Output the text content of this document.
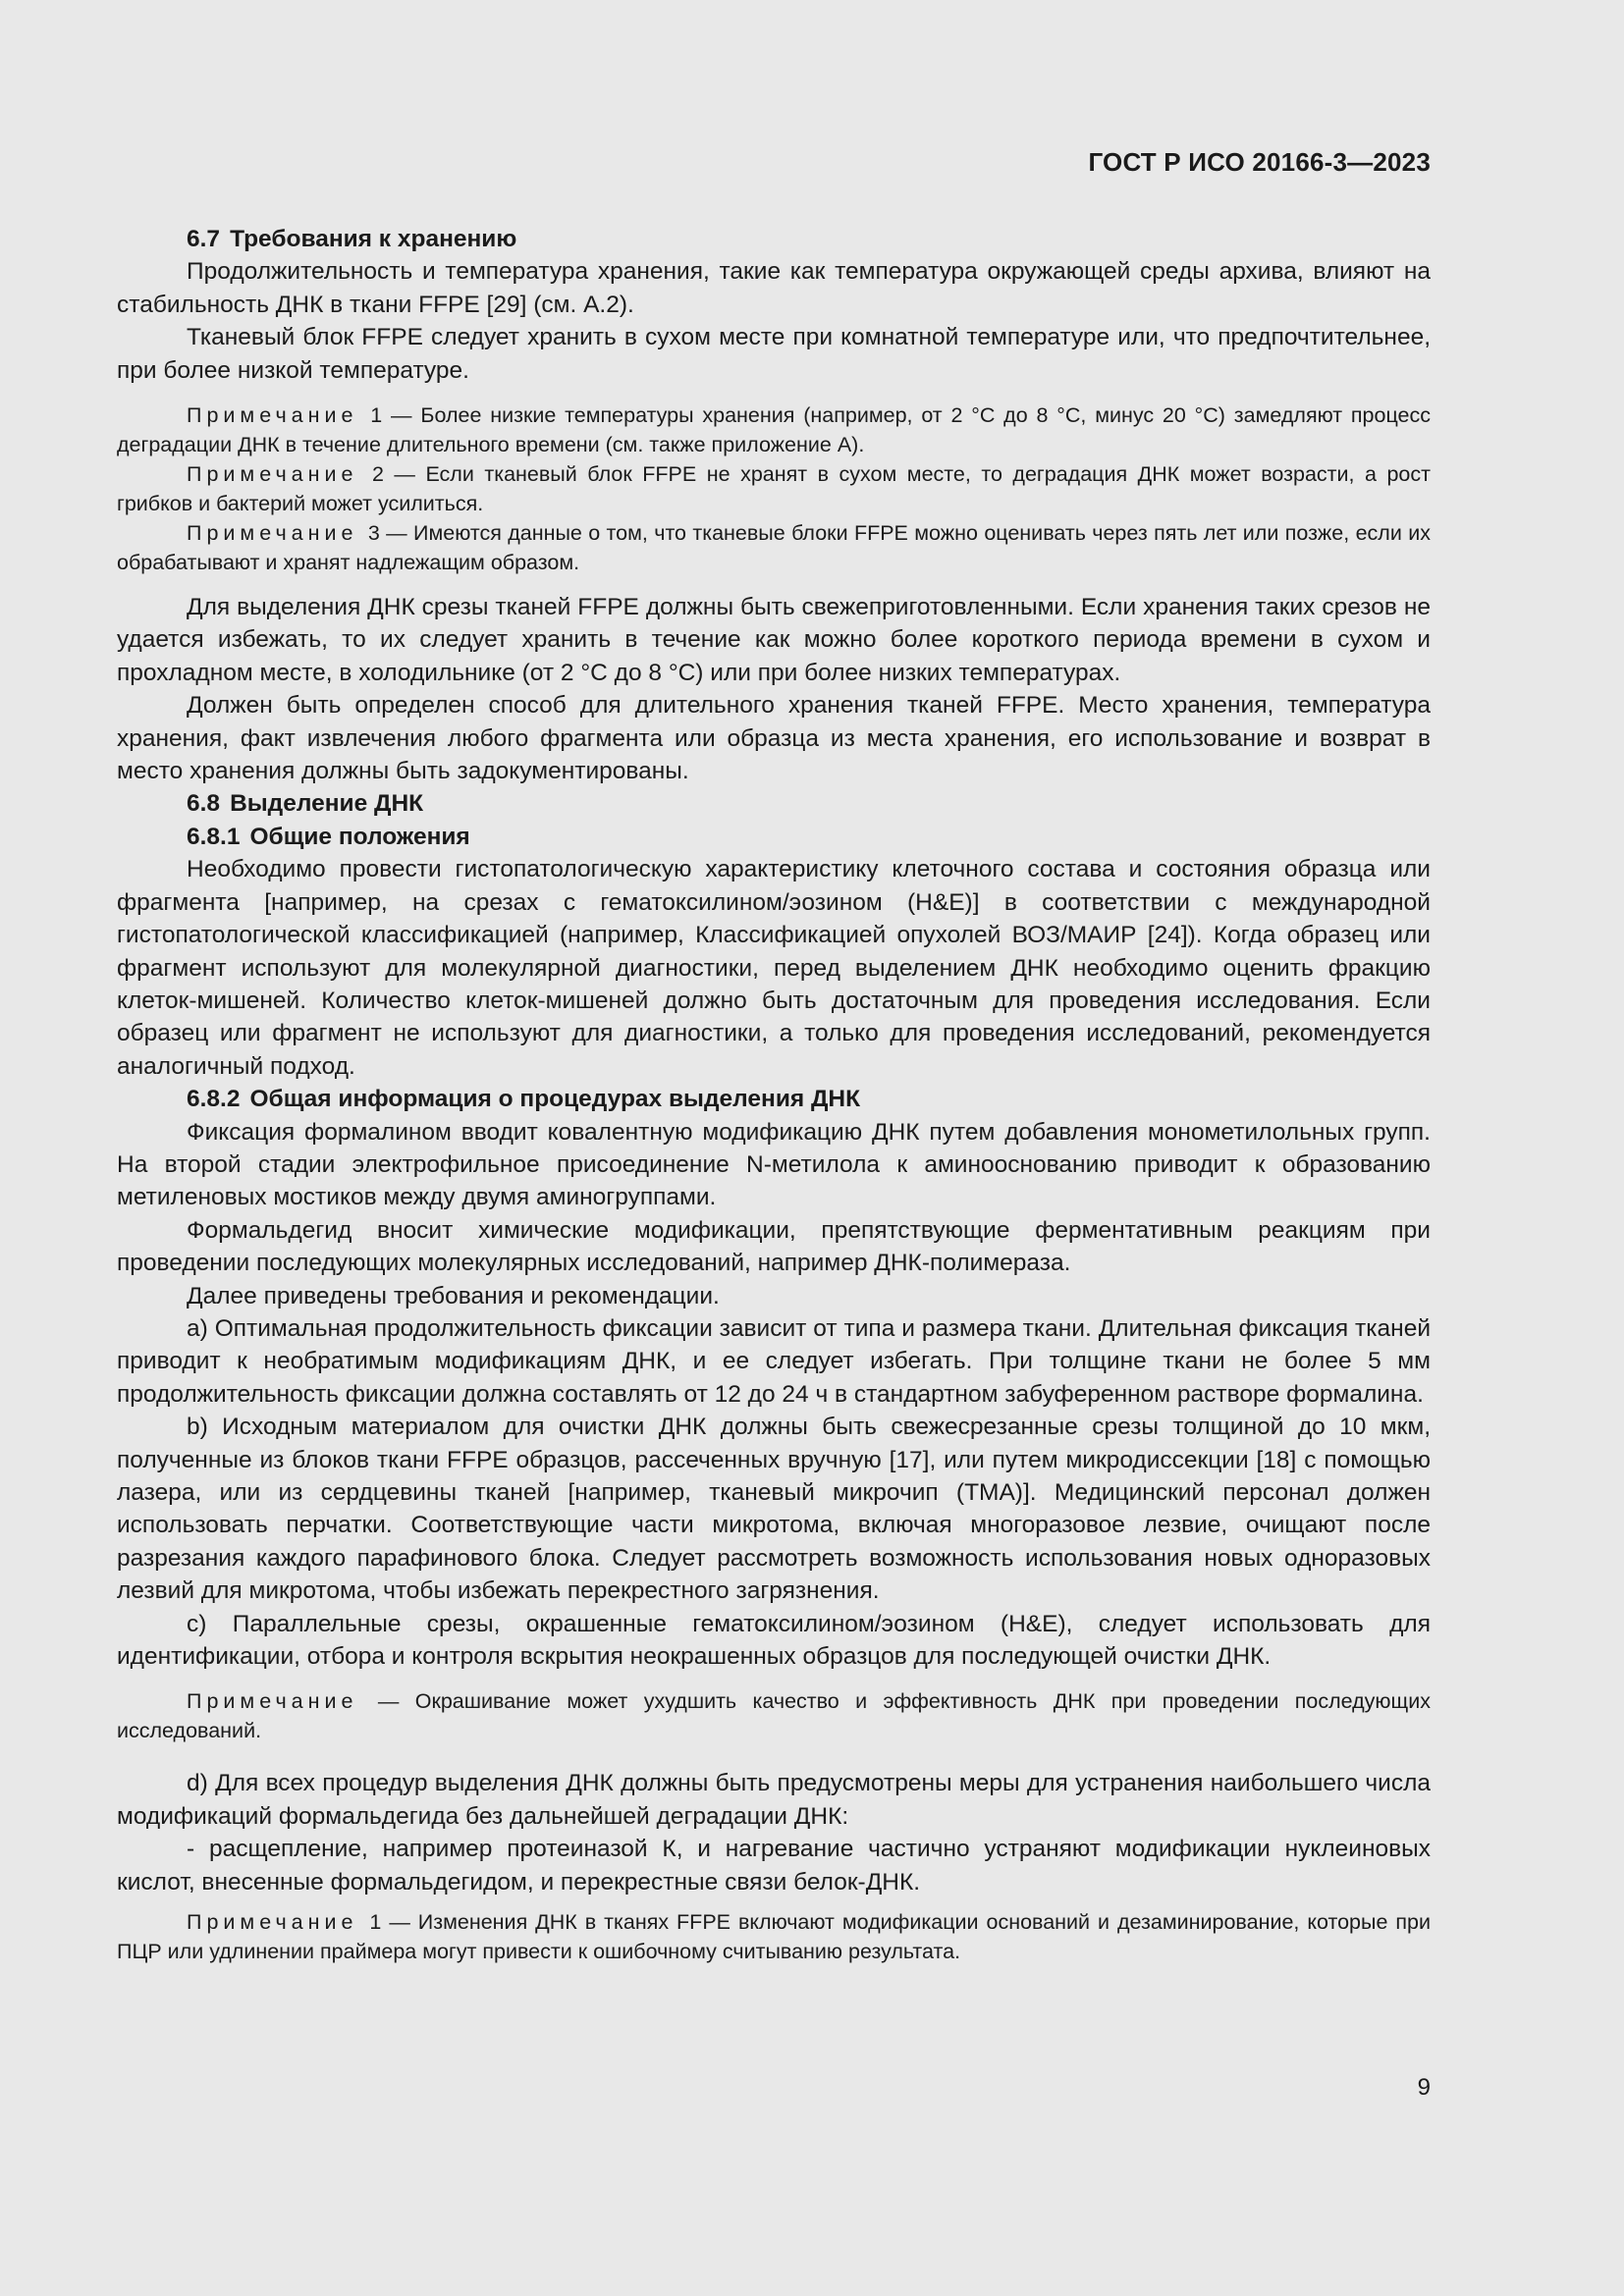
ГОСТ Р ИСО 20166-3—2023
6.7 Требования к хранению

Продолжительность и температура хранения, такие как температура окружающей среды архива, влияют на стабильность ДНК в ткани FFPE [29] (см. А.2).

Тканевый блок FFPE следует хранить в сухом месте при комнатной температуре или, что предпочтительнее, при более низкой температуре.

Примечание 1 — Более низкие температуры хранения (например, от 2 °C до 8 °C, минус 20 °C) замедляют процесс деградации ДНК в течение длительного времени (см. также приложение А).
Примечание 2 — Если тканевый блок FFPE не хранят в сухом месте, то деградация ДНК может возрасти, а рост грибков и бактерий может усилиться.
Примечание 3 — Имеются данные о том, что тканевые блоки FFPE можно оценивать через пять лет или позже, если их обрабатывают и хранят надлежащим образом.

Для выделения ДНК срезы тканей FFPE должны быть свежеприготовленными. Если хранения таких срезов не удается избежать, то их следует хранить в течение как можно более короткого периода времени в сухом и прохладном месте, в холодильнике (от 2 °C до 8 °C) или при более низких температурах.

Должен быть определен способ для длительного хранения тканей FFPE. Место хранения, температура хранения, факт извлечения любого фрагмента или образца из места хранения, его использование и возврат в место хранения должны быть задокументированы.

6.8 Выделение ДНК
6.8.1 Общие положения

Необходимо провести гистопатологическую характеристику клеточного состава и состояния образца или фрагмента [например, на срезах с гематоксилином/эозином (H&E)] в соответствии с международной гистопатологической классификацией (например, Классификацией опухолей ВОЗ/МАИР [24]). Когда образец или фрагмент используют для молекулярной диагностики, перед выделением ДНК необходимо оценить фракцию клеток-мишеней. Количество клеток-мишеней должно быть достаточным для проведения исследования. Если образец или фрагмент не используют для диагностики, а только для проведения исследований, рекомендуется аналогичный подход.

6.8.2 Общая информация о процедурах выделения ДНК

Фиксация формалином вводит ковалентную модификацию ДНК путем добавления монометилольных групп. На второй стадии электрофильное присоединение N-метилола к аминооснованию приводит к образованию метиленовых мостиков между двумя аминогруппами.

Формальдегид вносит химические модификации, препятствующие ферментативным реакциям при проведении последующих молекулярных исследований, например ДНК-полимераза.

Далее приведены требования и рекомендации.

a) Оптимальная продолжительность фиксации зависит от типа и размера ткани. Длительная фиксация тканей приводит к необратимым модификациям ДНК, и ее следует избегать. При толщине ткани не более 5 мм продолжительность фиксации должна составлять от 12 до 24 ч в стандартном забуференном растворе формалина.

b) Исходным материалом для очистки ДНК должны быть свежесрезанные срезы толщиной до 10 мкм, полученные из блоков ткани FFPE образцов, рассеченных вручную [17], или путем микродиссекции [18] с помощью лазера, или из сердцевины тканей [например, тканевый микрочип (TMA)]. Медицинский персонал должен использовать перчатки. Соответствующие части микротома, включая многоразовое лезвие, очищают после разрезания каждого парафинового блока. Следует рассмотреть возможность использования новых одноразовых лезвий для микротома, чтобы избежать перекрестного загрязнения.

c) Параллельные срезы, окрашенные гематоксилином/эозином (H&E), следует использовать для идентификации, отбора и контроля вскрытия неокрашенных образцов для последующей очистки ДНК.

Примечание — Окрашивание может ухудшить качество и эффективность ДНК при проведении последующих исследований.

d) Для всех процедур выделения ДНК должны быть предусмотрены меры для устранения наибольшего числа модификаций формальдегида без дальнейшей деградации ДНК:

- расщепление, например протеиназой К, и нагревание частично устраняют модификации нуклеиновых кислот, внесенные формальдегидом, и перекрестные связи белок-ДНК.

Примечание 1 — Изменения ДНК в тканях FFPE включают модификации оснований и дезаминирование, которые при ПЦР или удлинении праймера могут привести к ошибочному считыванию результата.
9
